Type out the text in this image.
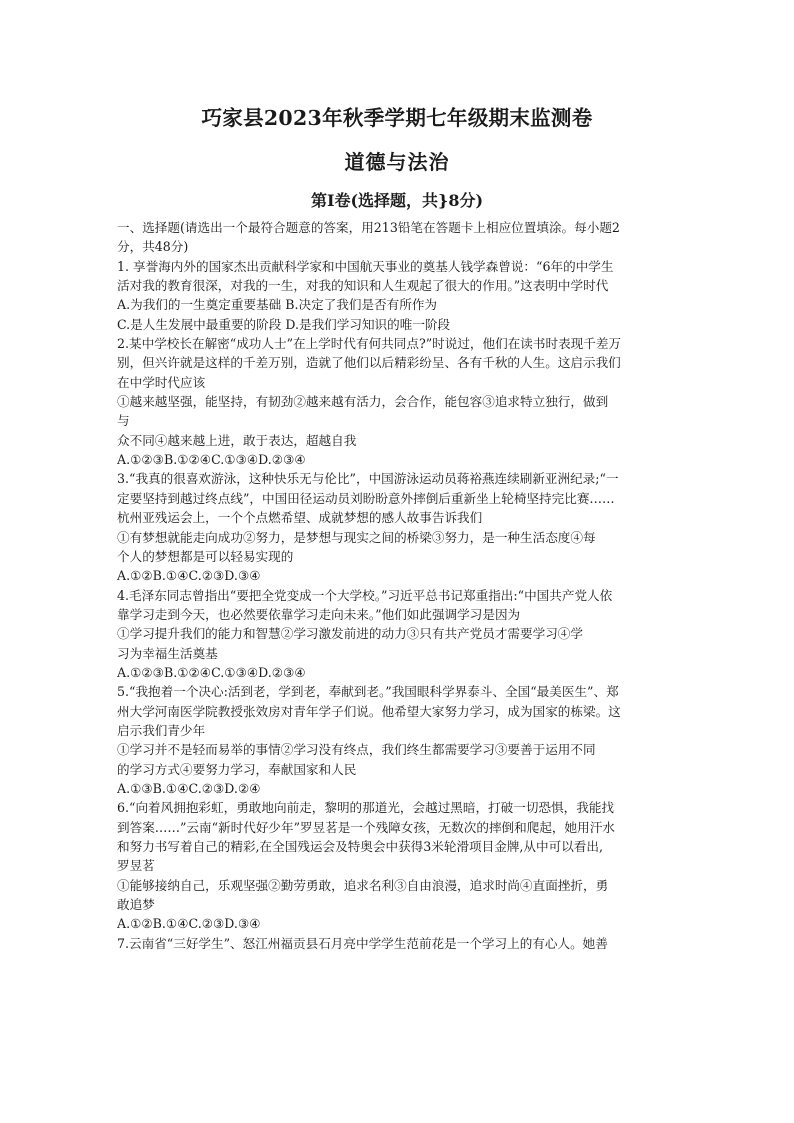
巧家县2023年秋季学期七年级期末监测卷
道德与法治
第I卷(选择题，共}8分)
一、选择题(请选出一个最符合题意的答案，用213铅笔在答题卡上相应位置填涂。每小题2
分，共48分)
1. 享誉海内外的国家杰出贡献科学家和中国航天事业的奠基人钱学森曾说：“6年的中学生
活对我的教育很深，对我的一生，对我的知识和人生观起了很大的作用。”这表明中学时代
A.为我们的一生奠定重要基础 B.决定了我们是否有所作为
C.是人生发展中最重要的阶段 D.是我们学习知识的唯一阶段
2.某中学校长在解密“成功人士”在上学时代有何共同点?”时说过，他们在读书时表现千差万
别，但兴许就是这样的千差万别，造就了他们以后精彩纷呈、各有千秋的人生。这启示我们
在中学时代应该
①越来越坚强，能坚持，有韧劲②越来越有活力，会合作，能包容③追求特立独行，做到
与
众不同④越来越上进，敢于表达，超越自我
A.①②③B.①②④C.①③④D.②③④
3.“我真的很喜欢游泳，这种快乐无与伦比”，中国游泳运动员蒋裕燕连续刷新亚洲纪录;“一
定要坚持到越过终点线”，中国田径运动员刘盼盼意外摔倒后重新坐上轮椅坚持完比赛……
杭州亚残运会上，一个个点燃希望、成就梦想的感人故事告诉我们
①有梦想就能走向成功②努力，是梦想与现实之间的桥梁③努力，是一种生活态度④每
个人的梦想都是可以轻易实现的
A.①②B.①④C.②③D.③④
4.毛泽东同志曾指出“要把全党变成一个大学校。”习近平总书记郑重指出:“中国共产党人依
靠学习走到今天，也必然要依靠学习走向未来。”他们如此强调学习是因为
①学习提升我们的能力和智慧②学习激发前进的动力③只有共产党员才需要学习④学
习为幸福生活奠基
A.①②③B.①②④C.①③④D.②③④
5.“我抱着一个决心:活到老，学到老，奉献到老。”我国眼科学界泰斗、全国“最美医生”、郑
州大学河南医学院教授张效房对青年学子们说。他希望大家努力学习，成为国家的栋梁。这
启示我们青少年
①学习并不是轻而易举的事情②学习没有终点，我们终生都需要学习③要善于运用不同
的学习方式④要努力学习，奉献国家和人民
A.①③B.①④C.②③D.②④
6.“向着风拥抱彩虹，勇敢地向前走，黎明的那道光，会越过黑暗，打破一切恐惧，我能找
到答案……”云南“新时代好少年”罗昱茗是一个残障女孩，无数次的摔倒和爬起，她用汗水
和努力书写着自己的精彩,在全国残运会及特奥会中获得3米轮滑项目金牌,从中可以看出,
罗昱茗
①能够接纳自己，乐观坚强②勤劳勇敢，追求名利③自由浪漫，追求时尚④直面挫折，勇
敢追梦
A.①②B.①④C.②③D.③④
7.云南省“三好学生”、怒江州福贡县石月亮中学学生范前花是一个学习上的有心人。她善
